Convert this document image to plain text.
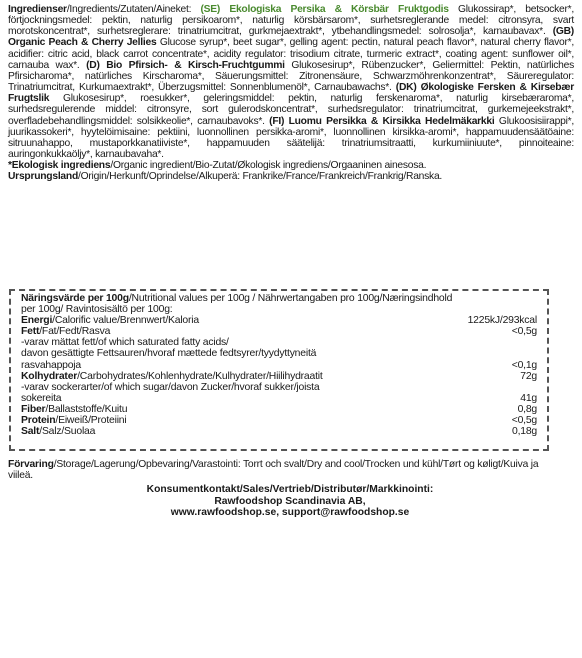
Ingredienser/Ingredients/Zutaten/Aineket: (SE) Ekologiska Persika & Körsbär Fruktgodis Glukossirap*, betsocker*, förtjockningsmedel: pektin, naturlig persikoarom*, naturlig körsbärsarom*, surhetsreglerande medel: citronsyra, svart morotskoncentrat*, surhetsreglerare: trinatriumcitrat, gurkmejaextrakt*, ytbehandlingsmedel: solrosolja*, karnaubavax*. (GB) Organic Peach & Cherry Jellies Glucose syrup*, beet sugar*, gelling agent: pectin, natural peach flavor*, natural cherry flavor*, acidifier: citric acid, black carrot concentrate*, acidity regulator: trisodium citrate, turmeric extract*, coating agent: sunflower oil*, carnauba wax*. (D) Bio Pfirsich- & Kirsch-Fruchtgummi Glukosesirup*, Rübenzucker*, Geliermittel: Pektin, natürliches Pfirsicharoma*, natürliches Kirscharoma*, Säuerungsmittel: Zitronensäure, Schwarzmöhrenkonzentrat*, Säureregulator: Trinatriumcitrat, Kurkumaextrakt*, Überzugsmittel: Sonnenblumenöl*, Carnaubawachs*. (DK) Økologiske Fersken & Kirsebær Frugtslik Glukosesirup*, roesukker*, geleringsmiddel: pektin, naturlig ferskenaroma*, naturlig kirsebæraroma*, surhedsregulerende middel: citronsyre, sort gulerodskoncentrat*, surhedsregulator: trinatriumcitrat, gurkemejeekstrakt*, overfladebehandlingsmiddel: solsikkeolie*, carnaubavoks*. (FI) Luomu Persikka & Kirsikka Hedelmäkarkki Glukoosisiirappi*, juurikassokeri*, hyytelöimisaine: pektiini, luonnollinen persikka-aromi*, luonnollinen kirsikka-aromi*, happamuudensäätöaine: sitruunahappo, mustaporkkanatiiviste*, happamuuden säätelijä: trinatriumsitraatti, kurkumiiniuute*, pinnoiteaine: auringonkukkaöljy*, karnaubavaha*.
*Ekologisk ingrediens/Organic ingredient/Bio-Zutat/Økologisk ingrediens/Orgaaninen ainesosa.
Ursprungsland/Origin/Herkunft/Oprindelse/Alkuperä: Frankrike/France/Frankreich/Frankrig/Ranska.
Näringsvärde per 100g/Nutritional values per 100g / Nährwertangaben pro 100g/Næringsindhold per 100g/ Ravintosisältö per 100g:
Energi/Calorific value/Brennwert/Kaloria	1225kJ/293kcal
Fett/Fat/Fedt/Rasva	<0,5g
-varav mättat fett/of which saturated fatty acids/
davon gesättigte Fettsauren/hvoraf mættede fedtsyrer/tyydyttyneitä
rasvahappoja	<0,1g
Kolhydrater/Carbohydrates/Kohlenhydrate/Kulhydrater/Hiilihydraatit	72g
-varav sockerarter/of which sugar/davon Zucker/hvoraf sukker/joista
sokereita	41g
Fiber/Ballaststoffe/Kuitu	0,8g
Protein/Eiweiß/Proteiini	<0,5g
Salt/Salz/Suolaa	0,18g
Förvaring/Storage/Lagerung/Opbevaring/Varastointi: Torrt och svalt/Dry and cool/Trocken und kühl/Tørt og køligt/Kuiva ja viileä.
Konsumentkontakt/Sales/Vertrieb/Distributør/Markkinointi:
Rawfoodshop Scandinavia AB,
www.rawfoodshop.se, support@rawfoodshop.se
